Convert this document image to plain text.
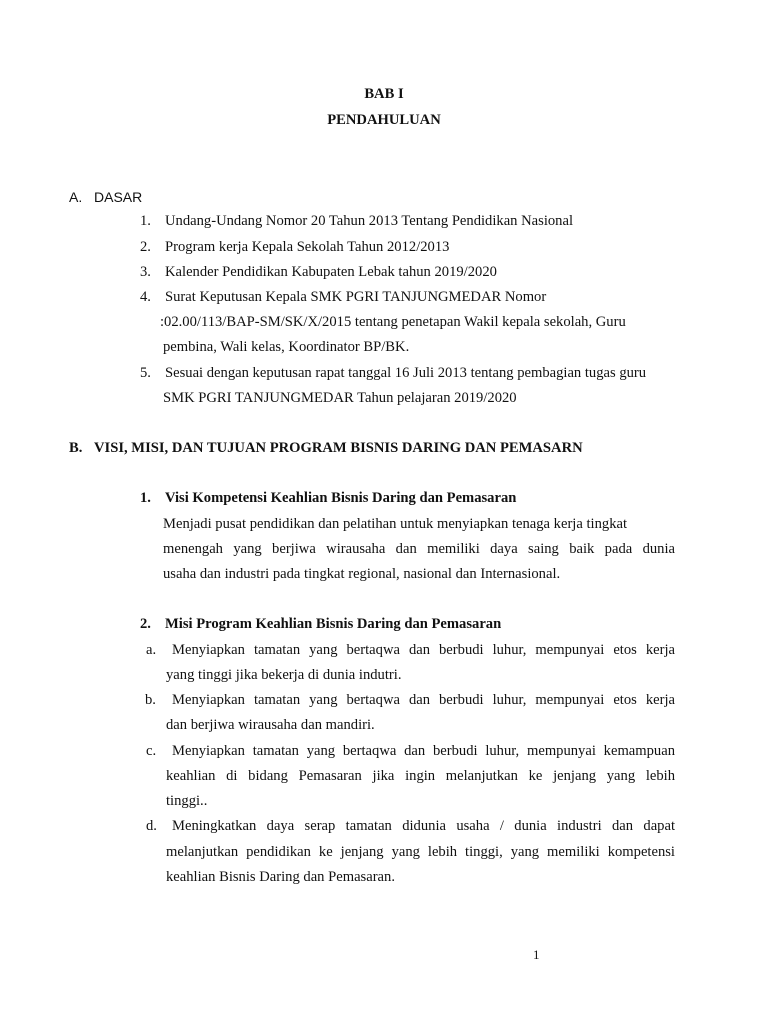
BAB I
PENDAHULUAN
A. DASAR
1. Undang-Undang Nomor 20 Tahun 2013 Tentang Pendidikan Nasional
2. Program kerja Kepala Sekolah Tahun 2012/2013
3. Kalender Pendidikan Kabupaten Lebak tahun 2019/2020
4. Surat Keputusan Kepala SMK PGRI TANJUNGMEDAR Nomor
:02.00/113/BAP-SM/SK/X/2015 tentang penetapan Wakil kepala sekolah, Guru
pembina, Wali kelas, Koordinator BP/BK.
5. Sesuai dengan keputusan rapat tanggal 16 Juli 2013 tentang pembagian tugas guru
SMK PGRI TANJUNGMEDAR Tahun pelajaran 2019/2020
B. VISI, MISI, DAN TUJUAN PROGRAM BISNIS DARING DAN PEMASARN
1. Visi Kompetensi Keahlian Bisnis Daring dan Pemasaran
Menjadi pusat pendidikan dan pelatihan untuk menyiapkan tenaga kerja tingkat
menengah yang berjiwa wirausaha dan memiliki daya saing baik pada dunia
usaha dan industri pada tingkat regional, nasional dan Internasional.
2. Misi Program Keahlian Bisnis Daring dan Pemasaran
a. Menyiapkan tamatan yang bertaqwa dan berbudi luhur, mempunyai etos kerja
yang tinggi jika bekerja di dunia indutri.
b. Menyiapkan tamatan yang bertaqwa dan berbudi luhur, mempunyai etos kerja
dan berjiwa wirausaha dan mandiri.
c. Menyiapkan tamatan yang bertaqwa dan berbudi luhur, mempunyai kemampuan
keahlian di bidang Pemasaran jika ingin melanjutkan ke jenjang yang lebih
tinggi..
d. Meningkatkan daya serap tamatan didunia usaha / dunia industri dan dapat
melanjutkan pendidikan ke jenjang yang lebih tinggi, yang memiliki kompetensi
keahlian Bisnis Daring dan Pemasaran.
1
